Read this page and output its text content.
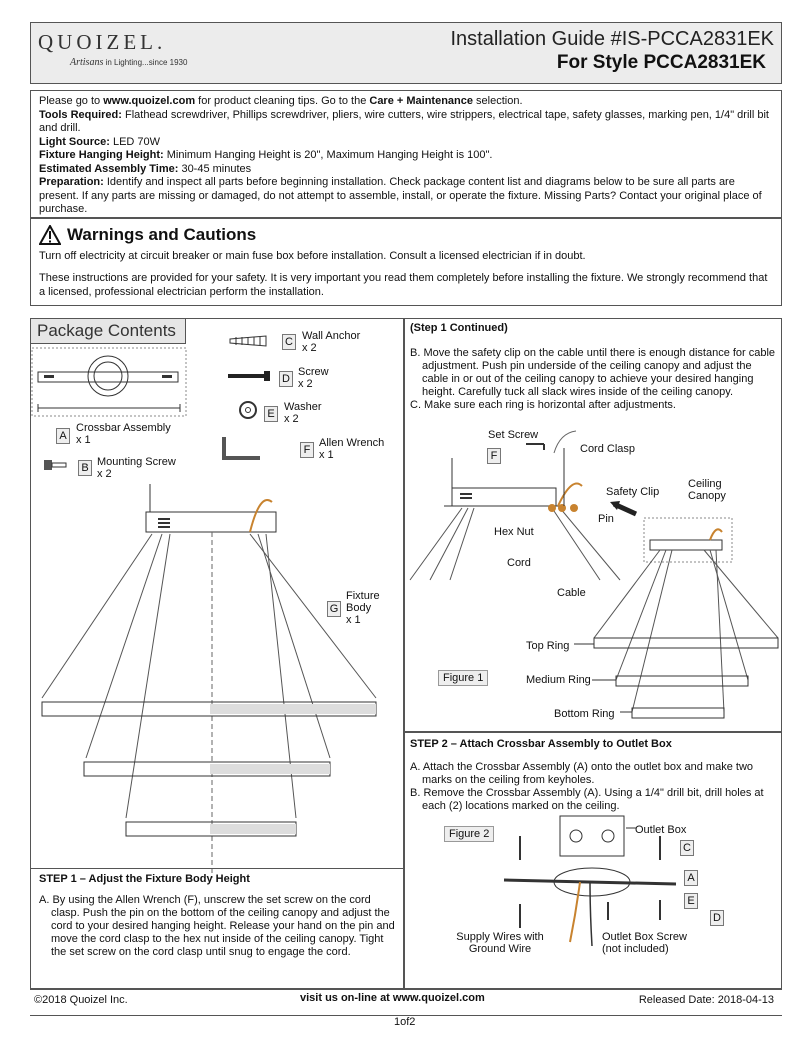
QUOIZEL.
Artisans in Lighting...since 1930
Installation Guide #IS-PCCA2831EK
For Style PCCA2831EK

Please go to www.quoizel.com for product cleaning tips. Go to the Care + Maintenance selection.

Tools Required: Flathead screwdriver, Phillips screwdriver, pliers, wire cutters, wire strippers, electrical tape, safety glasses, marking pen, 1/4" drill bit and drill.

Light Source: LED 70W

Fixture Hanging Height: Minimum Hanging Height is 20", Maximum Hanging Height is 100".

Estimated Assembly Time: 30-45 minutes

Preparation: Identify and inspect all parts before beginning installation. Check package content list and diagrams below to be sure all parts are present. If any parts are missing or damaged, do not attempt to assemble, install, or operate the fixture. Missing Parts? Contact your original place of purchase.

Warnings and Cautions

Turn off electricity at circuit breaker or main fuse box before installation. Consult a licensed electrician if in doubt.

These instructions are provided for your safety. It is very important you read them completely before installing the fixture. We strongly recommend that a licensed, professional electrician perform the installation.

Package Contents
A
Crossbar Assembly
x 1
B Mounting Screw
x 2
C Wall Anchor
x 2
D
Screw
x 2
E
Washer
x 2
F
Allen Wrench
x 1
G
Fixture Body
x 1
STEP 1 – Adjust the Fixture Body Height
A. By using the Allen Wrench (F), unscrew the set screw on the cord clasp. Push the pin on the bottom of the ceiling canopy and adjust the cord to your desired hanging height. Release your hand on the pin and move the cord clasp to the hex nut inside of the ceiling canopy. Tight the set screw on the cord clasp until snug to engage the cord.
(Step 1 Continued)
B. Move the safety clip on the cable until there is enough distance for cable adjustment. Push pin underside of the ceiling canopy and adjust the cable in or out of the ceiling canopy to achieve your desired hanging height. Carefully tuck all slack wires inside of the ceiling canopy.
C. Make sure each ring is horizontal after adjustments.
Set Screw
F
Cord Clasp
Safety Clip
Ceiling Canopy
Pin
Hex Nut
Cord
Cable
Top Ring
Medium Ring
Bottom Ring
Figure 1
STEP 2 – Attach Crossbar Assembly to Outlet Box
A. Attach the Crossbar Assembly (A) onto the outlet box and make two marks on the ceiling from keyholes.
B. Remove the Crossbar Assembly (A). Using a 1/4" drill bit, drill holes at each (2) locations marked on the ceiling.
Figure 2	Outlet Box
C
A
E
D
Supply Wires with Ground Wire
Outlet Box Screw (not included)
©2018 Quoizel Inc.	visit us on-line at www.quoizel.com	Released Date: 2018-04-13
1of2
